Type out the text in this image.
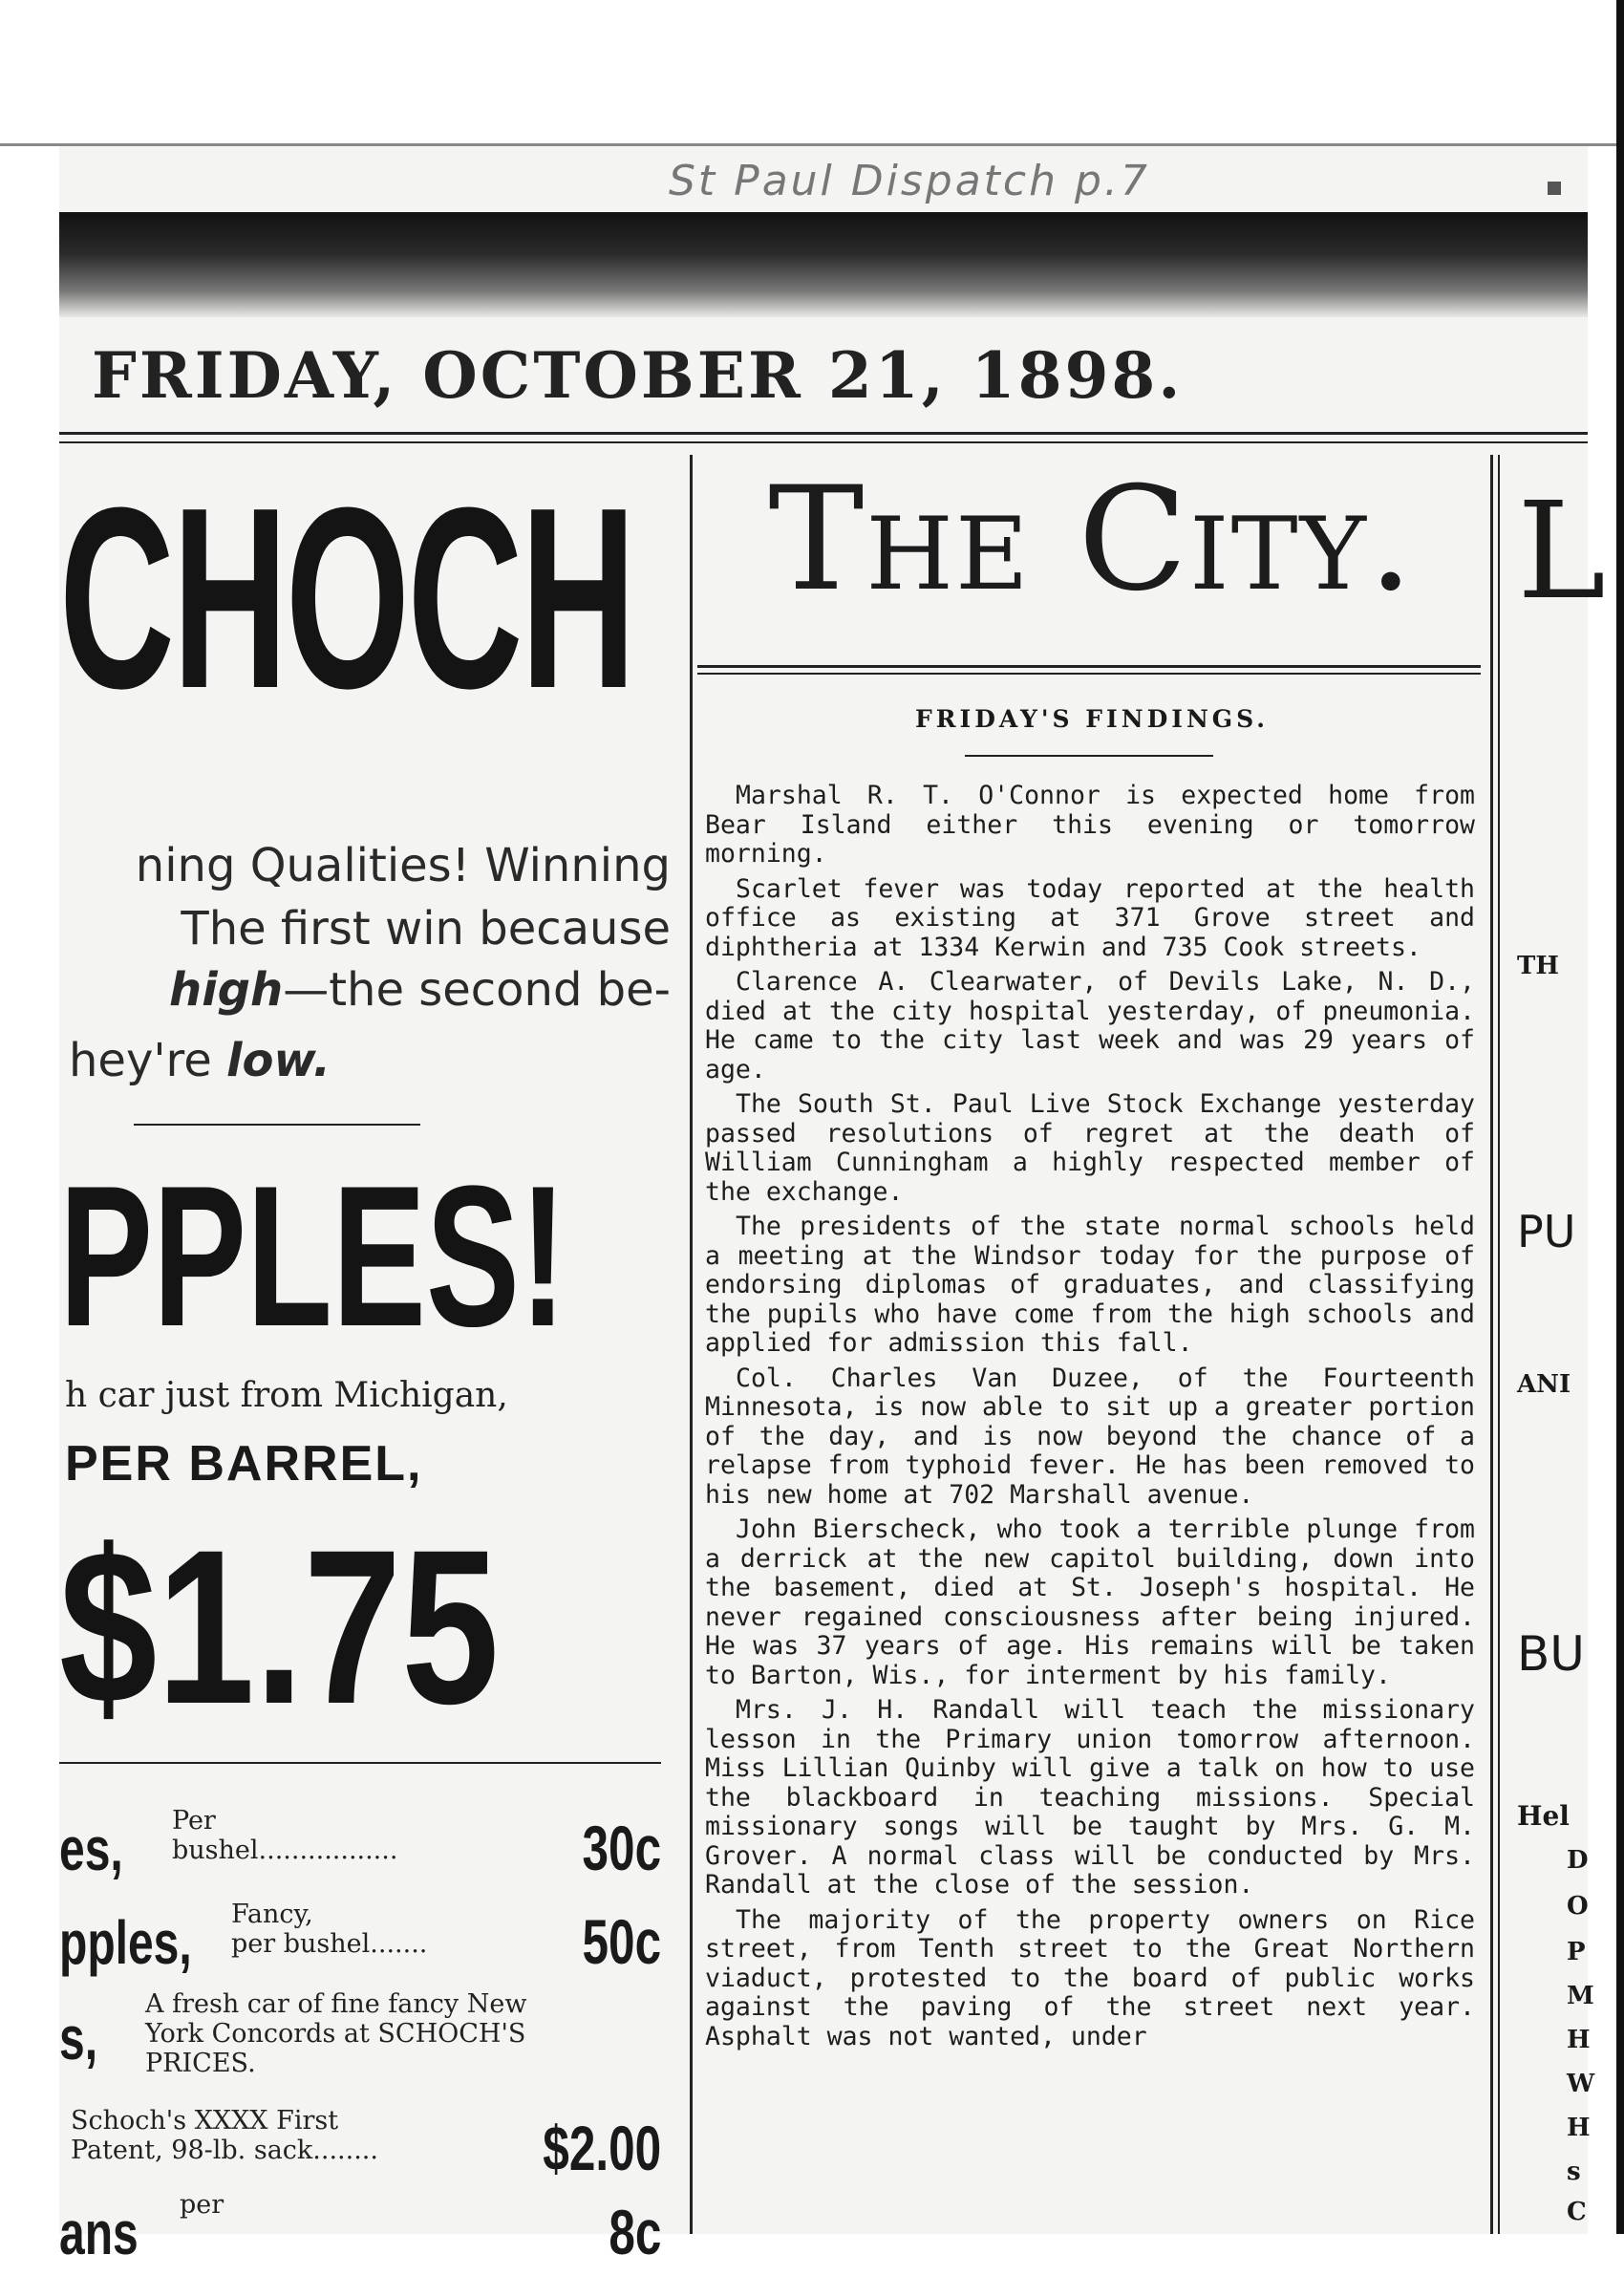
St Paul Dispatch p.7
FRIDAY, OCTOBER 21, 1898.
CHOCH
ning Qualities! Winning
The first win because
high—the second be-
hey're low.
PPLES!
h car just from Michigan,
PER BARREL,
$1.75
es, Per
bushel.................	30c
pples, Fancy,
per bushel....... 50c
s, A fresh car of fine fancy New
York Concords at SCHOCH'S
PRICES.
Schoch's XXXX First
Patent, 98-lb. sack........	$2.00
ans per	8c
The City.
FRIDAY'S FINDINGS.

Marshal R. T. O'Connor is expected home from Bear Island either this evening or tomorrow morning.

Scarlet fever was today reported at the health office as existing at 371 Grove street and diphtheria at 1334 Kerwin and 735 Cook streets.

Clarence A. Clearwater, of Devils Lake, N. D., died at the city hospital yesterday, of pneumonia. He came to the city last week and was 29 years of age.

The South St. Paul Live Stock Exchange yesterday passed resolutions of regret at the death of William Cunningham a highly respected member of the exchange.

The presidents of the state normal schools held a meeting at the Windsor today for the purpose of endorsing diplomas of graduates, and classifying the pupils who have come from the high schools and applied for admission this fall.

Col. Charles Van Duzee, of the Fourteenth Minnesota, is now able to sit up a greater portion of the day, and is now beyond the chance of a relapse from typhoid fever. He has been removed to his new home at 702 Marshall avenue.

John Bierscheck, who took a terrible plunge from a derrick at the new capitol building, down into the basement, died at St. Joseph's hospital. He never regained consciousness after being injured. He was 37 years of age. His remains will be taken to Barton, Wis., for interment by his family.

Mrs. J. H. Randall will teach the missionary lesson in the Primary union tomorrow afternoon. Miss Lillian Quinby will give a talk on how to use the blackboard in teaching missions. Special missionary songs will be taught by Mrs. G. M. Grover. A normal class will be conducted by Mrs. Randall at the close of the session.

The majority of the property owners on Rice street, from Tenth street to the Great Northern viaduct, protested to the board of public works against the paving of the street next year. Asphalt was not wanted, under

L
TH
PU
ANI
BU
Hel
D
O
P
M
H
W
H
s
C
